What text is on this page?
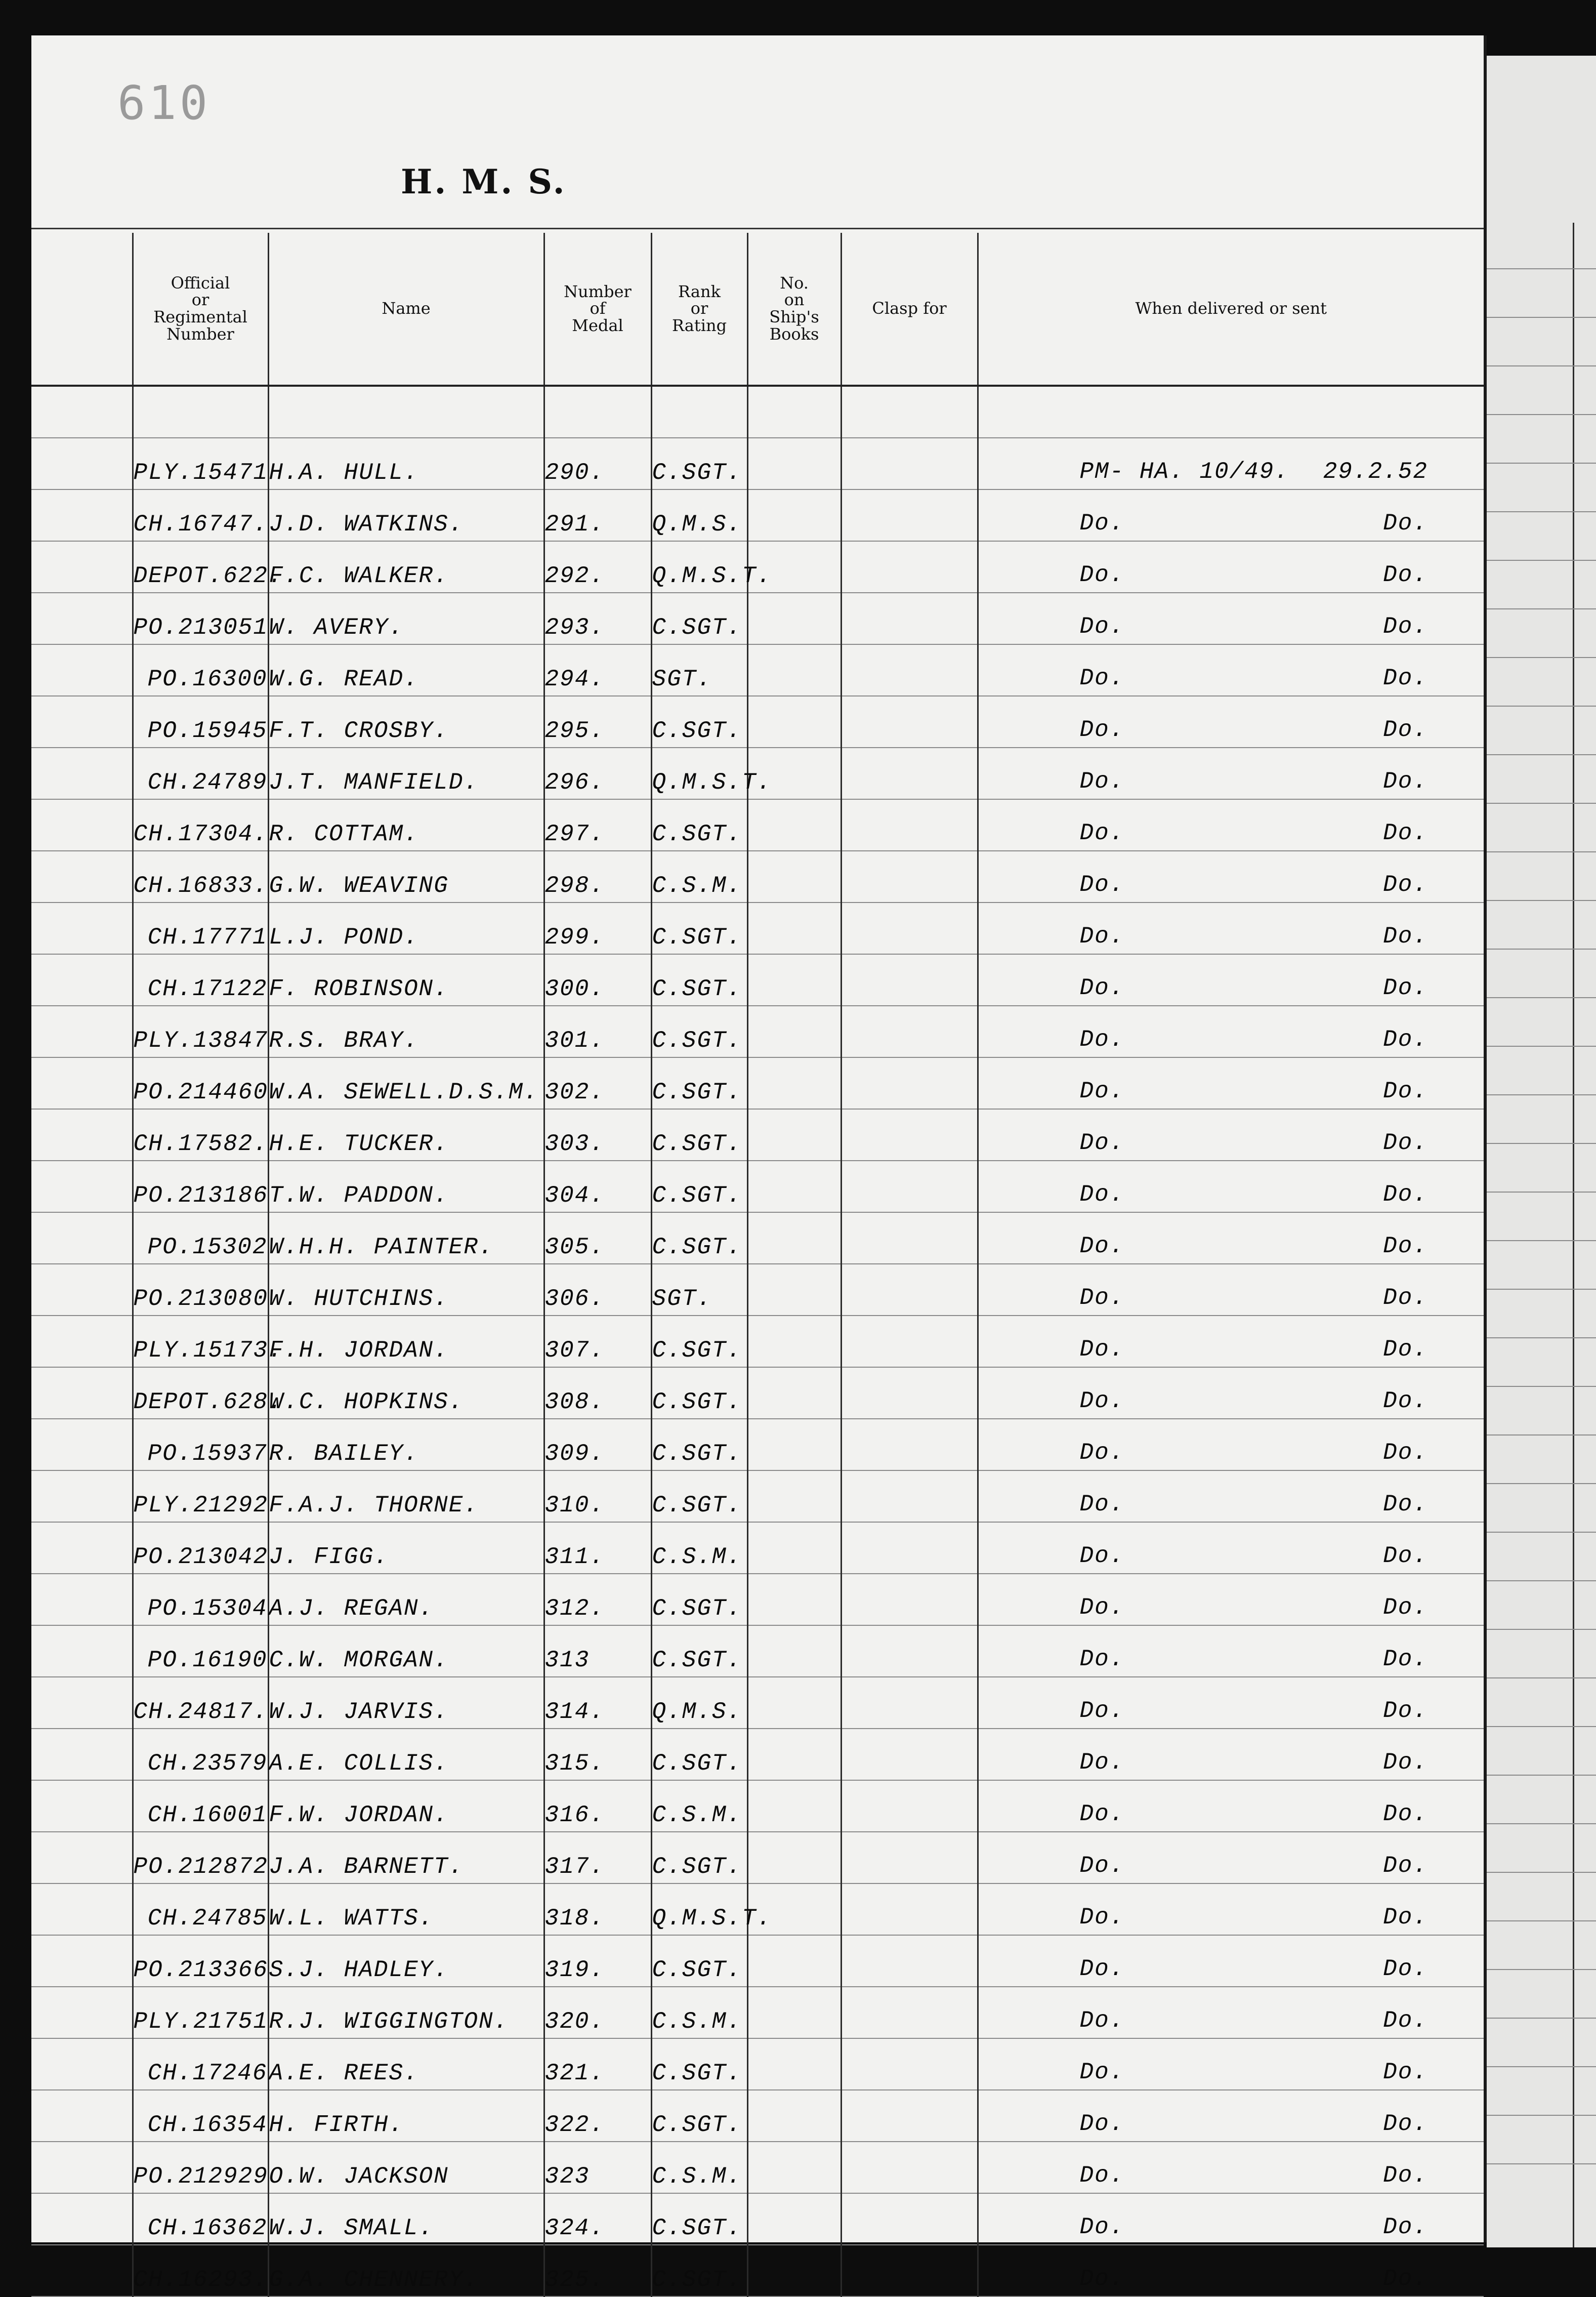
610
H. M. S.

	Official
or
Regimental
Number	Name	Number
of
Medal	Rank
or
Rating	No.
on
Ship's
Books	Clasp for	When delivered or sent

	PLY.15471	H.A. HULL.	290.	C.SGT.			PM- HA. 10/49. 29.2.52

	CH.16747.	J.D. WATKINS.	291.	Q.M.S.			Do. Do.

	DEPOT.622.	F.C. WALKER.	292.	Q.M.S.T.			Do. Do.

	PO.213051	W. AVERY.	293.	C.SGT.			Do. Do.

	PO.16300	W.G. READ.	294.	SGT.			Do. Do.

	PO.15945	F.T. CROSBY.	295.	C.SGT.			Do. Do.

	CH.24789	J.T. MANFIELD.	296.	Q.M.S.T.			Do. Do.

	CH.17304.	R. COTTAM.	297.	C.SGT.			Do. Do.

	CH.16833.	G.W. WEAVING	298.	C.S.M.			Do. Do.

	CH.17771	L.J. POND.	299.	C.SGT.			Do. Do.

	CH.17122	F. ROBINSON.	300.	C.SGT.			Do. Do.

	PLY.13847	R.S. BRAY.	301.	C.SGT.			Do. Do.

	PO.214460	W.A. SEWELL.D.S.M.	302.	C.SGT.			Do. Do.

	CH.17582.	H.E. TUCKER.	303.	C.SGT.			Do. Do.

	PO.213186	T.W. PADDON.	304.	C.SGT.			Do. Do.

	PO.15302	W.H.H. PAINTER.	305.	C.SGT.			Do. Do.

	PO.213080	W. HUTCHINS.	306.	SGT.			Do. Do.

	PLY.15173.	F.H. JORDAN.	307.	C.SGT.			Do. Do.

	DEPOT.628.	W.C. HOPKINS.	308.	C.SGT.			Do. Do.

	PO.15937	R. BAILEY.	309.	C.SGT.			Do. Do.

	PLY.21292	F.A.J. THORNE.	310.	C.SGT.			Do. Do.

	PO.213042	J. FIGG.	311.	C.S.M.			Do. Do.

	PO.15304	A.J. REGAN.	312.	C.SGT.			Do. Do.

	PO.16190	C.W. MORGAN.	313	C.SGT.			Do. Do.

	CH.24817.	W.J. JARVIS.	314.	Q.M.S.			Do. Do.

	CH.23579	A.E. COLLIS.	315.	C.SGT.			Do. Do.

	CH.16001	F.W. JORDAN.	316.	C.S.M.			Do. Do.

	PO.212872	J.A. BARNETT.	317.	C.SGT.			Do. Do.

	CH.24785	W.L. WATTS.	318.	Q.M.S.T.			Do. Do.

	PO.213366	S.J. HADLEY.	319.	C.SGT.			Do. Do.

	PLY.21751	R.J. WIGGINGTON.	320.	C.S.M.			Do. Do.

	CH.17246	A.E. REES.	321.	C.SGT.			Do. Do.

	CH.16354	H. FIRTH.	322.	C.SGT.			Do. Do.

	PO.212929	O.W. JACKSON	323	C.S.M.			Do. Do.

	CH.16362	W.J. SMALL.	324.	C.SGT.			Do. Do.

	CH.16293.	G.A. CHENNERY.	325.	C.SGT.			Do. Do.
